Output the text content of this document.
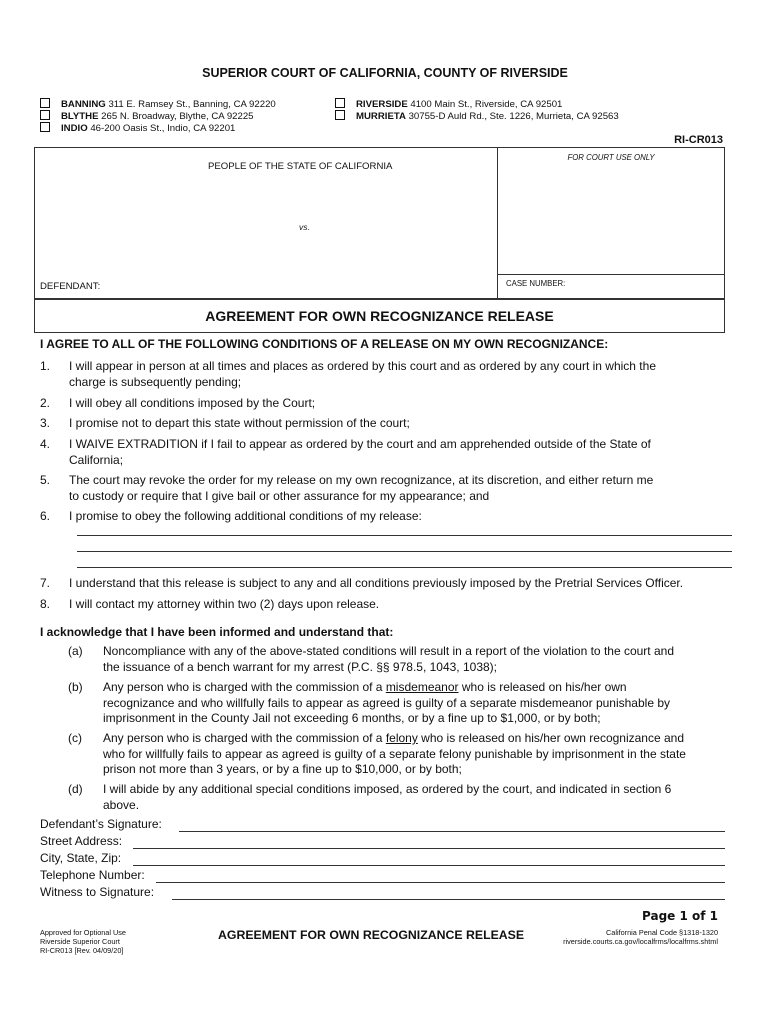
SUPERIOR COURT OF CALIFORNIA, COUNTY OF RIVERSIDE
BANNING 311 E. Ramsey St., Banning, CA 92220
BLYTHE 265 N. Broadway, Blythe, CA 92225
INDIO 46-200 Oasis St., Indio, CA 92201
RIVERSIDE 4100 Main St., Riverside, CA 92501
MURRIETA 30755-D Auld Rd., Ste. 1226, Murrieta, CA 92563
RI-CR013
FOR COURT USE ONLY
PEOPLE OF THE STATE OF CALIFORNIA
vs.
DEFENDANT:	CASE NUMBER:
AGREEMENT FOR OWN RECOGNIZANCE RELEASE
I AGREE TO ALL OF THE FOLLOWING CONDITIONS OF A RELEASE ON MY OWN RECOGNIZANCE:
1.	I will appear in person at all times and places as ordered by this court and as ordered by any court in which the
charge is subsequently pending;
2.	I will obey all conditions imposed by the Court;
3.	I promise not to depart this state without permission of the court;
4.	I WAIVE EXTRADITION if I fail to appear as ordered by the court and am apprehended outside of the State of
California;
5.	The court may revoke the order for my release on my own recognizance, at its discretion, and either return me
to custody or require that I give bail or other assurance for my appearance; and
6.	I promise to obey the following additional conditions of my release:
7.	I understand that this release is subject to any and all conditions previously imposed by the Pretrial Services Officer.
8.	I will contact my attorney within two (2) days upon release.
I acknowledge that I have been informed and understand that:
(a) Noncompliance with any of the above-stated conditions will result in a report of the violation to the court and
the issuance of a bench warrant for my arrest (P.C. §§ 978.5, 1043, 1038);
(b) Any person who is charged with the commission of a misdemeanor who is released on his/her own
recognizance and who willfully fails to appear as agreed is guilty of a separate misdemeanor punishable by
imprisonment in the County Jail not exceeding 6 months, or by a fine up to $1,000, or by both;
(c) Any person who is charged with the commission of a felony who is released on his/her own recognizance and
who for willfully fails to appear as agreed is guilty of a separate felony punishable by imprisonment in the state
prison not more than 3 years, or by a fine up to $10,000, or by both;
(d) I will abide by any additional special conditions imposed, as ordered by the court, and indicated in section 6
above.
Defendant’s Signature:
Street Address:
City, State, Zip:
Telephone Number:
Witness to Signature:
Page 1 of 1
Approved for Optional Use
Riverside Superior Court
RI-CR013 [Rev. 04/09/20]
AGREEMENT FOR OWN RECOGNIZANCE RELEASE	California Penal Code §1318-1320
riverside.courts.ca.gov/localfrms/localfrms.shtml
